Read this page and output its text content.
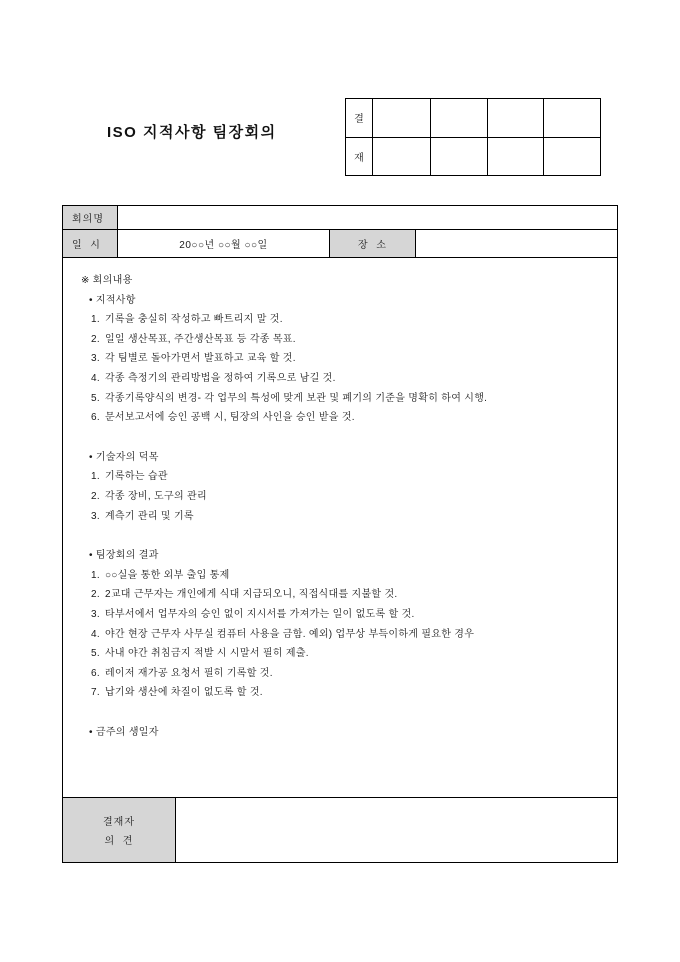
ISO 지적사항 팀장회의
결
재
회의명
일  시	20○○년 ○○월 ○○일	장  소
※ 회의내용
• 지적사항
1. 기록을 충실히 작성하고 빠트리지 말 것.
2. 일일 생산목표, 주간생산목표 등 각종 목표.
3. 각 팀별로 돌아가면서 발표하고 교육 할 것.
4. 각종 측정기의 관리방법을 정하여 기록으로 남길 것.
5. 각종기록양식의 변경- 각 업무의 특성에 맞게 보관 및 폐기의 기준을 명확히 하여 시행.
6. 문서보고서에 승인 공백 시, 팀장의 사인을 승인 받을 것.
• 기술자의 덕목
1. 기록하는 습관
2. 각종 장비, 도구의 관리
3. 계측기 관리 및 기록
• 팀장회의 결과
1. ○○실을 통한 외부 출입 통제
2. 2교대 근무자는 개인에게 식대 지급되오니, 직접식대를 지불할 것.
3. 타부서에서 업무자의 승인 없이 지시서를 가져가는 일이 없도록 할 것.
4. 야간 현장 근무자 사무실 컴퓨터 사용을 금함. 예외) 업무상 부득이하게 필요한 경우
5. 사내 야간 취침금지 적발 시 시말서 필히 제출.
6. 레이저 재가공 요청서 필히 기록할 것.
7. 납기와 생산에 차질이 없도록 할 것.
• 금주의 생일자
결재자
의  견
